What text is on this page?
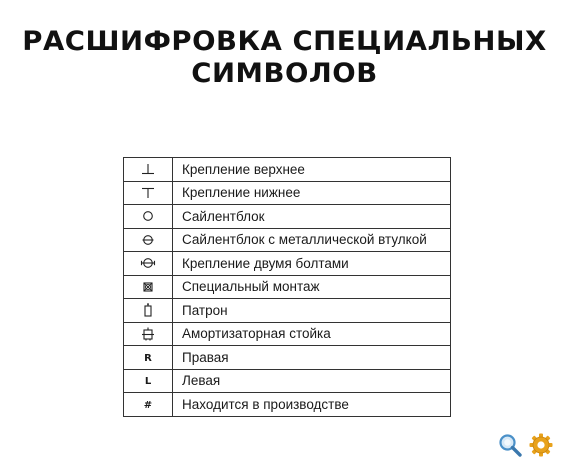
РАСШИФРОВКА СПЕЦИАЛЬНЫХ
СИМВОЛОВ
	Крепление верхнее
	Крепление нижнее
	Сайлентблок
	Сайлентблок с металлической втулкой
	Крепление двумя болтами
	Специальный монтаж
	Патрон
	Амортизаторная стойка
R	Правая
L	Левая
#	Находится в производстве
